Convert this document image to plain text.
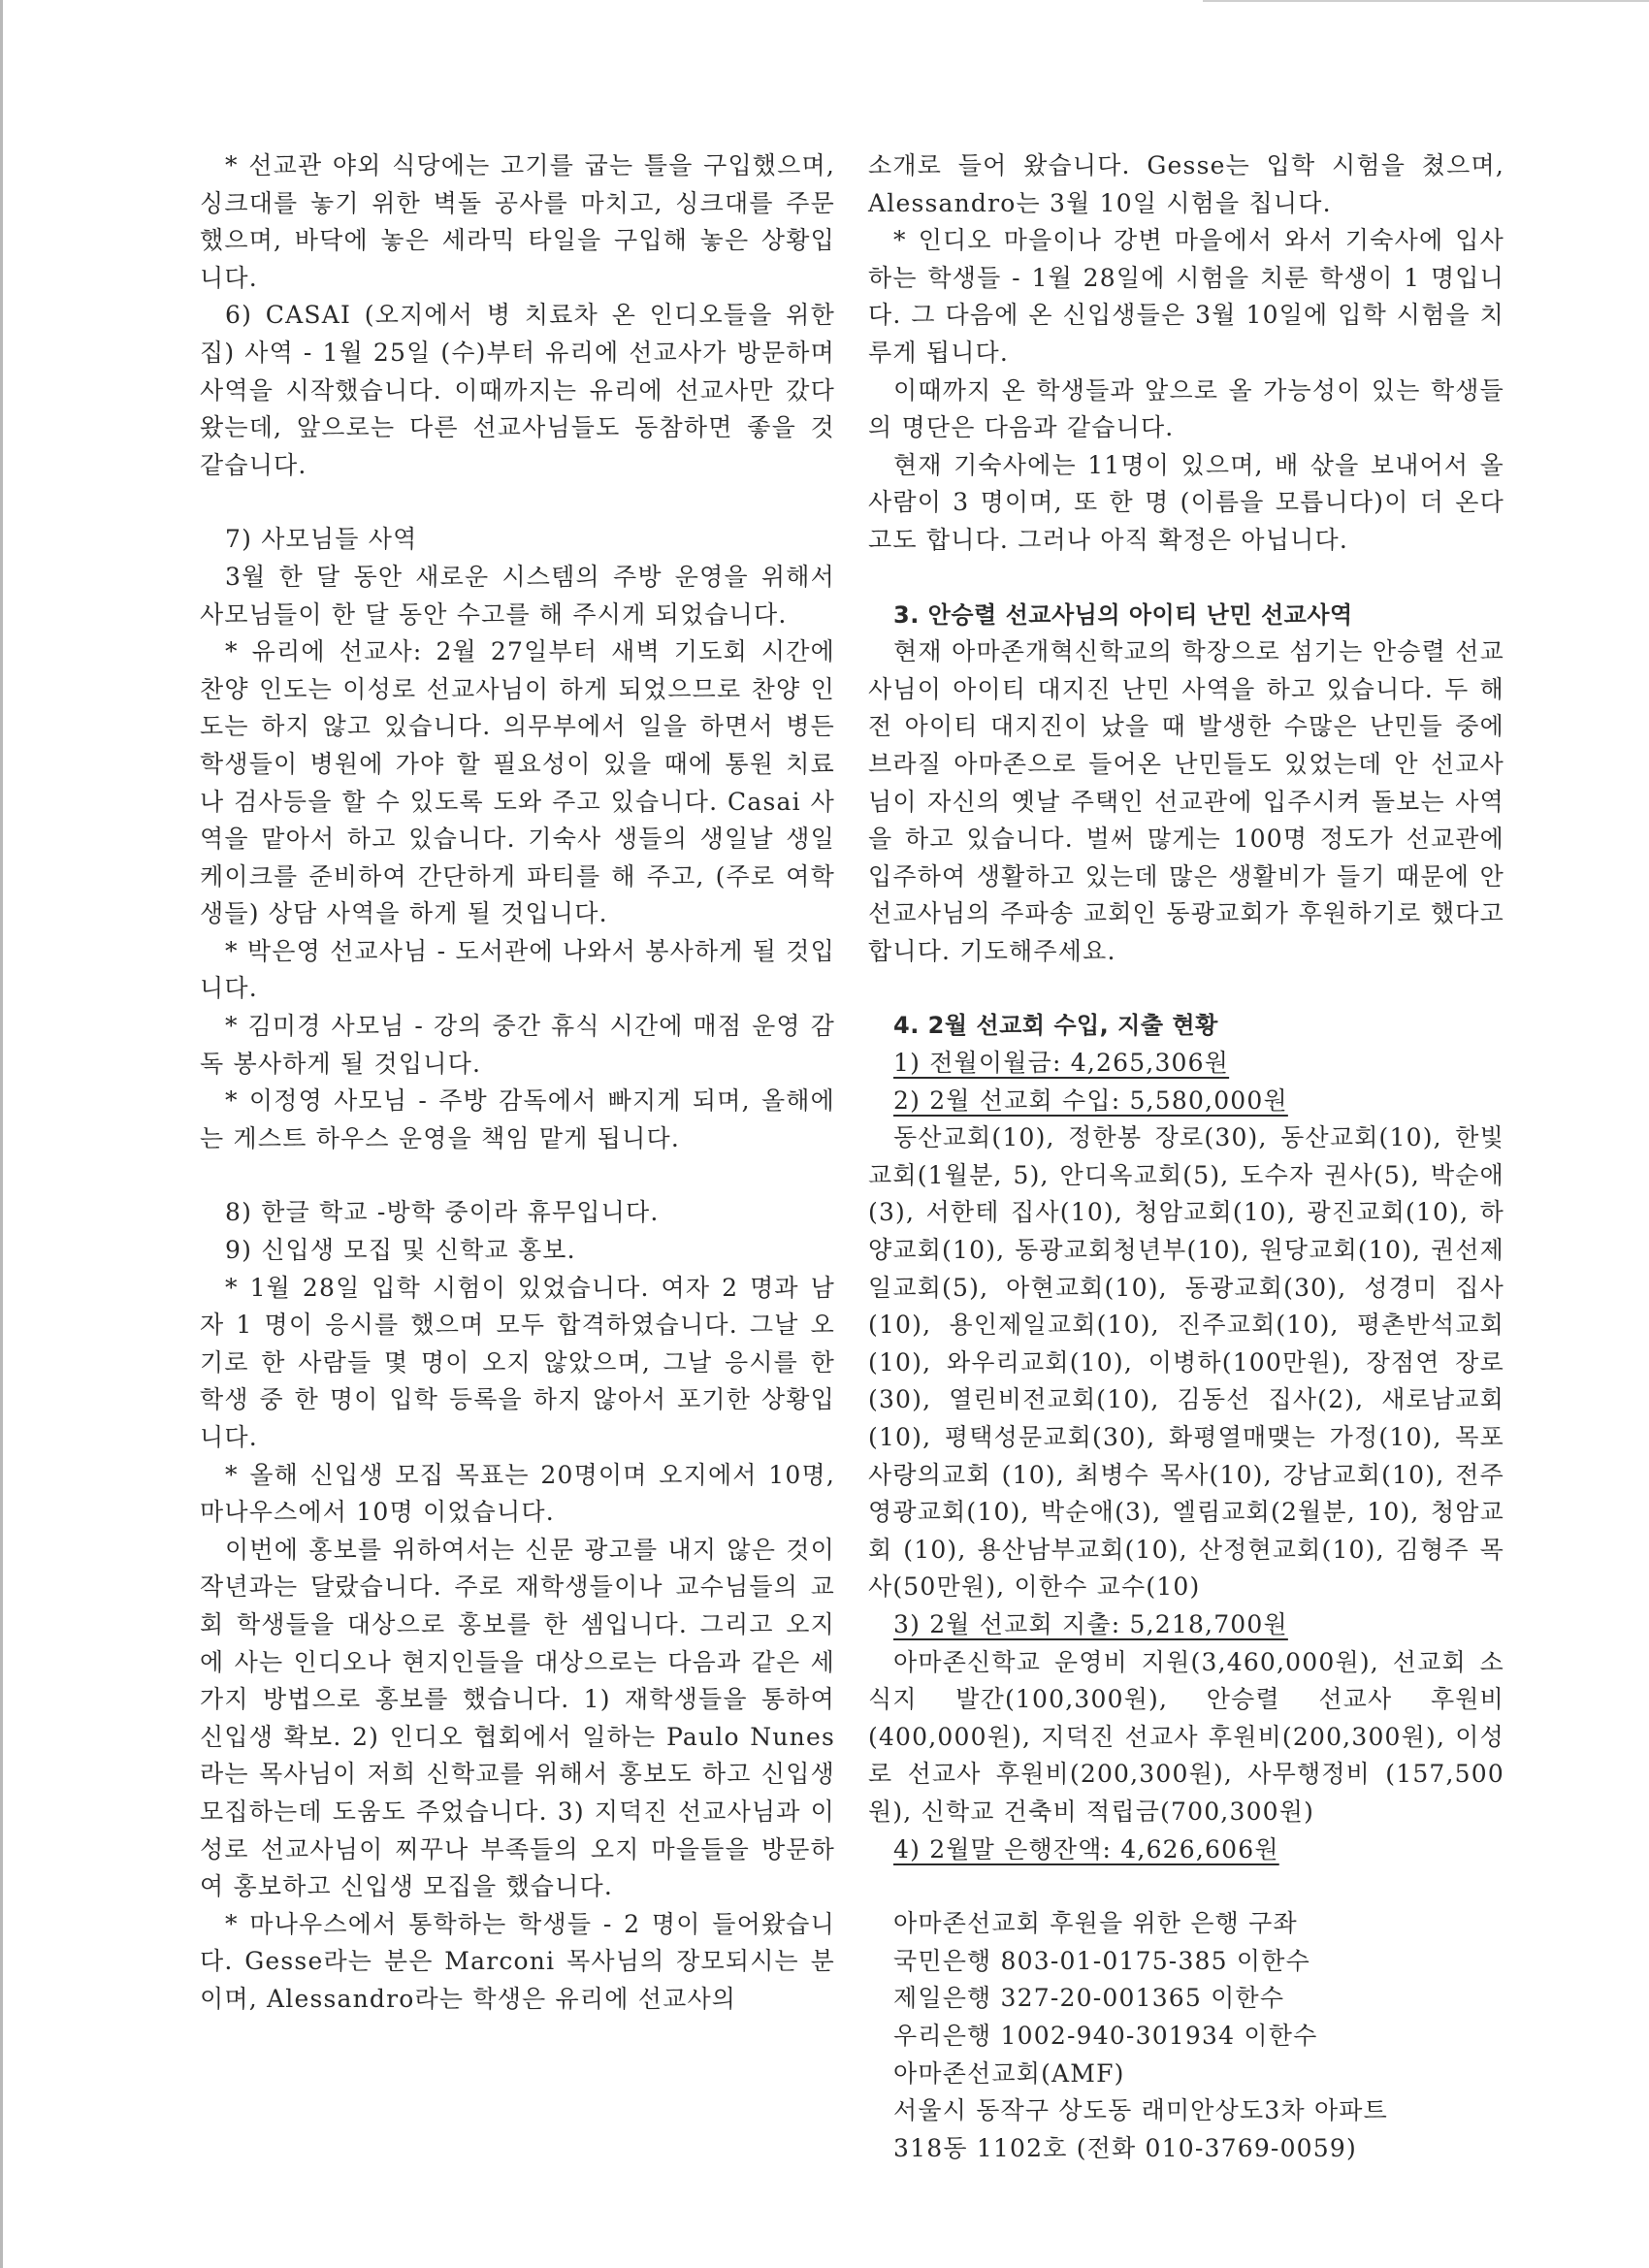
* 선교관 야외 식당에는 고기를 굽는 틀을 구입했으며, 싱크대를 놓기 위한 벽돌 공사를 마치고, 싱크대를 주문했으며, 바닥에 놓은 세라믹 타일을 구입해 놓은 상황입니다.

6) CASAI (오지에서 병 치료차 온 인디오들을 위한 집) 사역 - 1월 25일 (수)부터 유리에 선교사가 방문하며 사역을 시작했습니다. 이때까지는 유리에 선교사만 갔다 왔는데, 앞으로는 다른 선교사님들도 동참하면 좋을 것 같습니다.

7) 사모님들 사역

3월 한 달 동안 새로운 시스템의 주방 운영을 위해서 사모님들이 한 달 동안 수고를 해 주시게 되었습니다.

* 유리에 선교사: 2월 27일부터 새벽 기도회 시간에 찬양 인도는 이성로 선교사님이 하게 되었으므로 찬양 인도는 하지 않고 있습니다. 의무부에서 일을 하면서 병든 학생들이 병원에 가야 할 필요성이 있을 때에 통원 치료나 검사등을 할 수 있도록 도와 주고 있습니다. Casai 사역을 맡아서 하고 있습니다. 기숙사 생들의 생일날 생일 케이크를 준비하여 간단하게 파티를 해 주고, (주로 여학생들) 상담 사역을 하게 될 것입니다.

* 박은영 선교사님 - 도서관에 나와서 봉사하게 될 것입니다.

* 김미경 사모님 - 강의 중간 휴식 시간에 매점 운영 감독 봉사하게 될 것입니다.

* 이정영 사모님 - 주방 감독에서 빠지게 되며, 올해에는 게스트 하우스 운영을 책임 맡게 됩니다.

8) 한글 학교 -방학 중이라 휴무입니다.

9) 신입생 모집 및 신학교 홍보.

* 1월 28일 입학 시험이 있었습니다. 여자 2 명과 남자 1 명이 응시를 했으며 모두 합격하였습니다. 그날 오기로 한 사람들 몇 명이 오지 않았으며, 그날 응시를 한 학생 중 한 명이 입학 등록을 하지 않아서 포기한 상황입니다.

* 올해 신입생 모집 목표는 20명이며 오지에서 10명, 마나우스에서 10명 이었습니다.

이번에 홍보를 위하여서는 신문 광고를 내지 않은 것이 작년과는 달랐습니다. 주로 재학생들이나 교수님들의 교회 학생들을 대상으로 홍보를 한 셈입니다. 그리고 오지에 사는 인디오나 현지인들을 대상으로는 다음과 같은 세 가지 방법으로 홍보를 했습니다. 1) 재학생들을 통하여 신입생 확보. 2) 인디오 협회에서 일하는 Paulo Nunes라는 목사님이 저희 신학교를 위해서 홍보도 하고 신입생 모집하는데 도움도 주었습니다. 3) 지덕진 선교사님과 이성로 선교사님이 찌꾸나 부족들의 오지 마을들을 방문하여 홍보하고 신입생 모집을 했습니다.

* 마나우스에서 통학하는 학생들 - 2 명이 들어왔습니다. Gesse라는 분은 Marconi 목사님의 장모되시는 분이며, Alessandro라는 학생은 유리에 선교사의

소개로 들어 왔습니다. Gesse는 입학 시험을 쳤으며, Alessandro는 3월 10일 시험을 칩니다.

* 인디오 마을이나 강변 마을에서 와서 기숙사에 입사하는 학생들 - 1월 28일에 시험을 치룬 학생이 1 명입니다. 그 다음에 온 신입생들은 3월 10일에 입학 시험을 치루게 됩니다.

이때까지 온 학생들과 앞으로 올 가능성이 있는 학생들의 명단은 다음과 같습니다.

현재 기숙사에는 11명이 있으며, 배 삯을 보내어서 올 사람이 3 명이며, 또 한 명 (이름을 모릅니다)이 더 온다고도 합니다. 그러나 아직 확정은 아닙니다.

3. 안승렬 선교사님의 아이티 난민 선교사역

현재 아마존개혁신학교의 학장으로 섬기는 안승렬 선교사님이 아이티 대지진 난민 사역을 하고 있습니다. 두 해 전 아이티 대지진이 났을 때 발생한 수많은 난민들 중에 브라질 아마존으로 들어온 난민들도 있었는데 안 선교사님이 자신의 옛날 주택인 선교관에 입주시켜 돌보는 사역을 하고 있습니다. 벌써 많게는 100명 정도가 선교관에 입주하여 생활하고 있는데 많은 생활비가 들기 때문에 안 선교사님의 주파송 교회인 동광교회가 후원하기로 했다고 합니다. 기도해주세요.

4. 2월 선교회 수입, 지출 현황

1) 전월이월금: 4,265,306원

2) 2월 선교회 수입: 5,580,000원

동산교회(10), 정한봉 장로(30), 동산교회(10), 한빛교회(1월분, 5), 안디옥교회(5), 도수자 권사(5), 박순애(3), 서한테 집사(10), 청암교회(10), 광진교회(10), 하양교회(10), 동광교회청년부(10), 원당교회(10), 권선제일교회(5), 아현교회(10), 동광교회(30), 성경미 집사(10), 용인제일교회(10), 진주교회(10), 평촌반석교회(10), 와우리교회(10), 이병하(100만원), 장점연 장로(30), 열린비전교회(10), 김동선 집사(2), 새로남교회(10), 평택성문교회(30), 화평열매맺는 가정(10), 목포 사랑의교회 (10), 최병수 목사(10), 강남교회(10), 전주영광교회(10), 박순애(3), 엘림교회(2월분, 10), 청암교회 (10), 용산남부교회(10), 산정현교회(10), 김형주 목사(50만원), 이한수 교수(10)

3) 2월 선교회 지출: 5,218,700원

아마존신학교 운영비 지원(3,460,000원), 선교회 소식지 발간(100,300원), 안승렬 선교사 후원비 (400,000원), 지덕진 선교사 후원비(200,300원), 이성로 선교사 후원비(200,300원), 사무행정비 (157,500원), 신학교 건축비 적립금(700,300원)

4) 2월말 은행잔액: 4,626,606원

아마존선교회 후원을 위한 은행 구좌

국민은행 803-01-0175-385 이한수

제일은행 327-20-001365 이한수

우리은행 1002-940-301934 이한수

아마존선교회(AMF)

서울시 동작구 상도동 래미안상도3차 아파트

318동 1102호 (전화 010-3769-0059)
